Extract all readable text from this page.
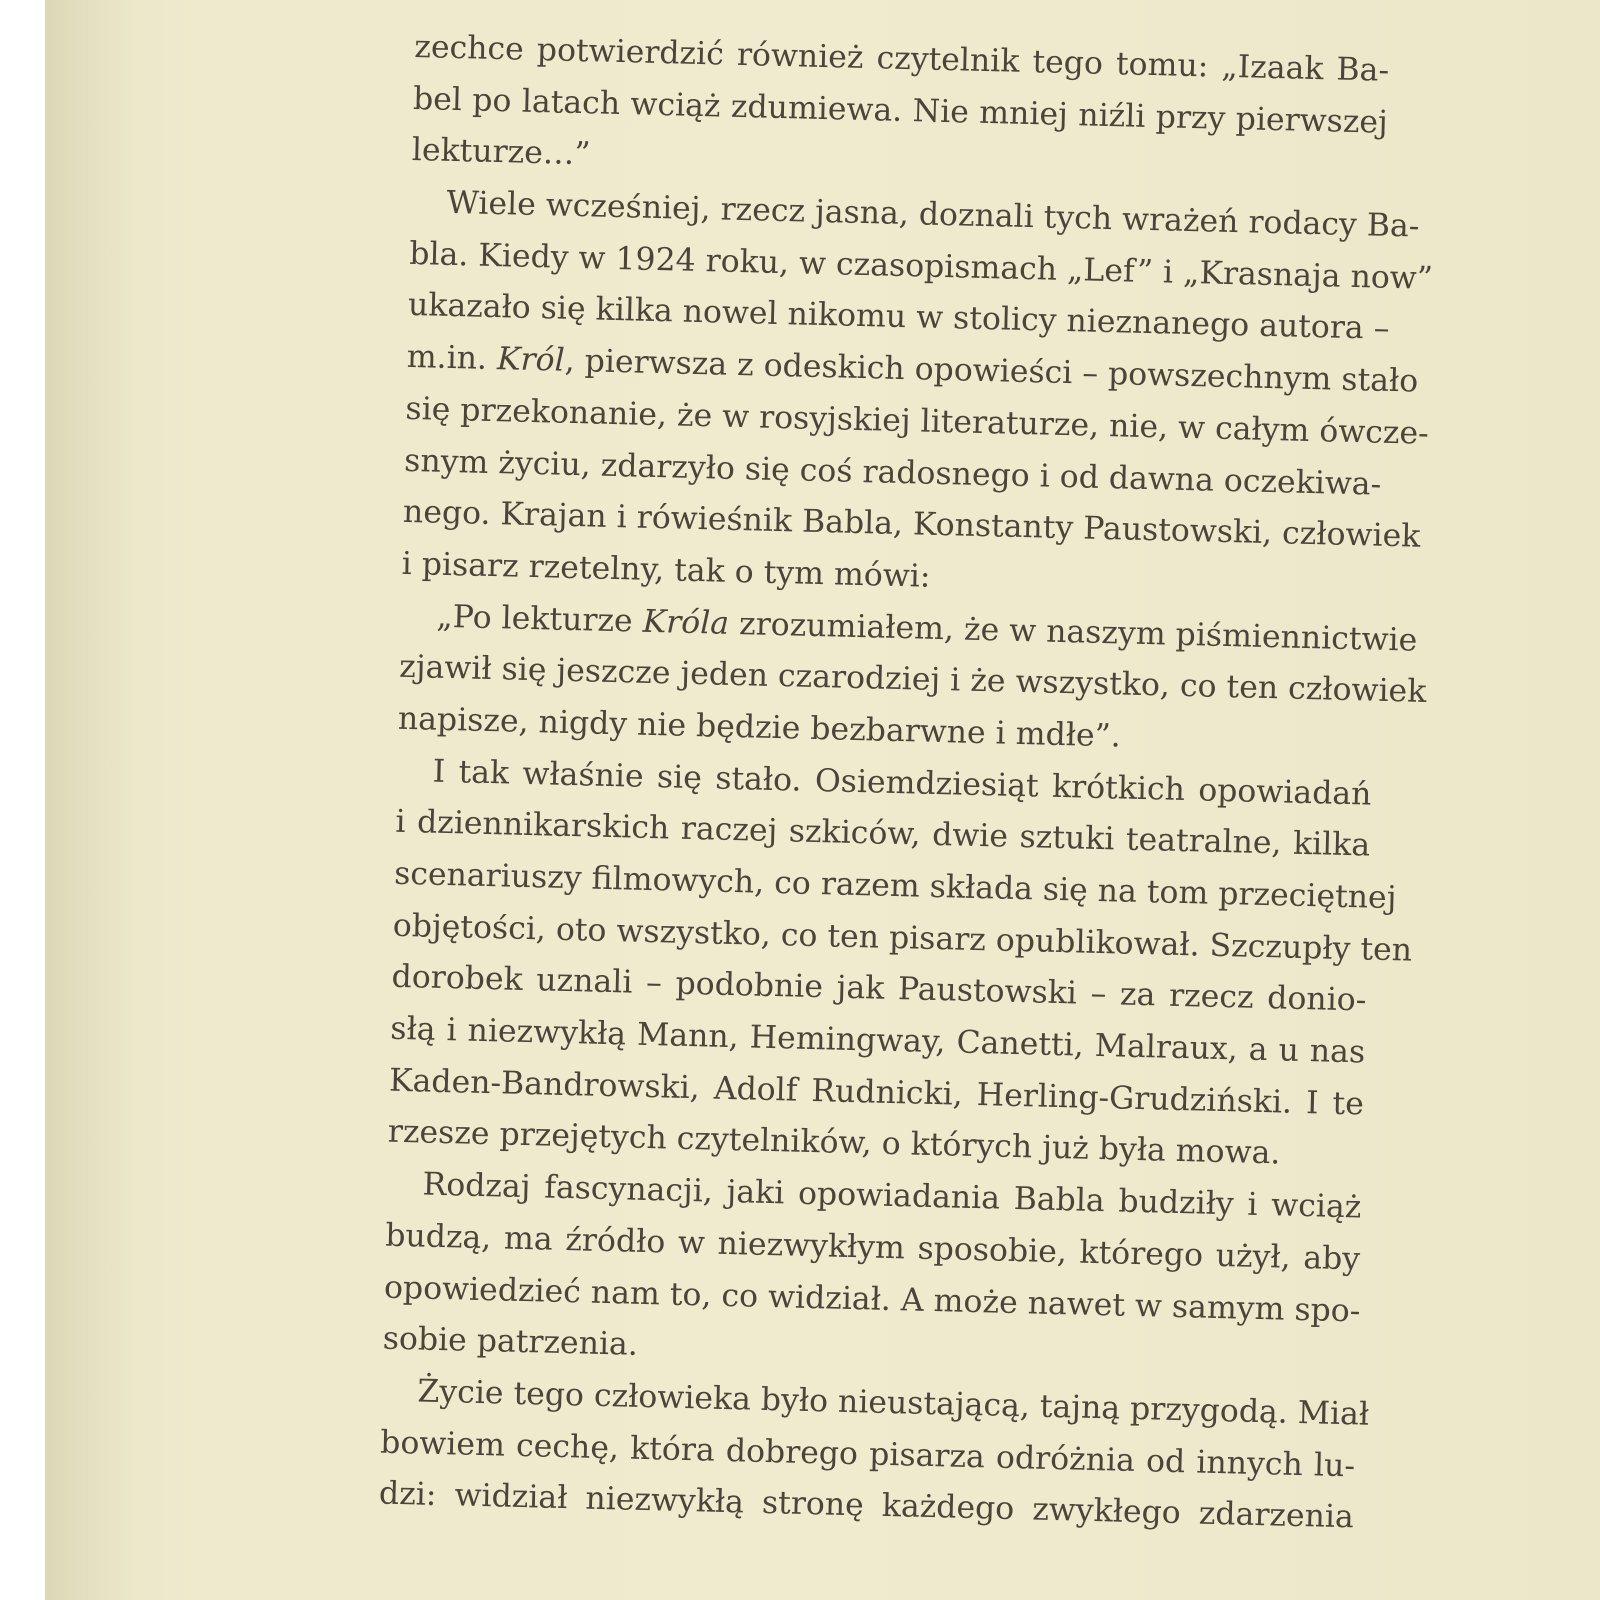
zechce potwierdzić również czytelnik tego tomu: „Izaak Ba-
bel po latach wciąż zdumiewa. Nie mniej niźli przy pierwszej
lekturze…”
Wiele wcześniej, rzecz jasna, doznali tych wrażeń rodacy Ba-
bla. Kiedy w 1924 roku, w czasopismach „Lef” i „Krasnaja now”
ukazało się kilka nowel nikomu w stolicy nieznanego autora –
m.in. Król, pierwsza z odeskich opowieści – powszechnym stało
się przekonanie, że w rosyjskiej literaturze, nie, w całym ówcze-
snym życiu, zdarzyło się coś radosnego i od dawna oczekiwa-
nego. Krajan i rówieśnik Babla, Konstanty Paustowski, człowiek
i pisarz rzetelny, tak o tym mówi:
„Po lekturze Króla zrozumiałem, że w naszym piśmiennictwie
zjawił się jeszcze jeden czarodziej i że wszystko, co ten człowiek
napisze, nigdy nie będzie bezbarwne i mdłe”.
I tak właśnie się stało. Osiemdziesiąt krótkich opowiadań
i dziennikarskich raczej szkiców, dwie sztuki teatralne, kilka
scenariuszy filmowych, co razem składa się na tom przeciętnej
objętości, oto wszystko, co ten pisarz opublikował. Szczupły ten
dorobek uznali – podobnie jak Paustowski – za rzecz donio-
słą i niezwykłą Mann, Hemingway, Canetti, Malraux, a u nas
Kaden-Bandrowski, Adolf Rudnicki, Herling-Grudziński. I te
rzesze przejętych czytelników, o których już była mowa.
Rodzaj fascynacji, jaki opowiadania Babla budziły i wciąż
budzą, ma źródło w niezwykłym sposobie, którego użył, aby
opowiedzieć nam to, co widział. A może nawet w samym spo-
sobie patrzenia.
Życie tego człowieka było nieustającą, tajną przygodą. Miał
bowiem cechę, która dobrego pisarza odróżnia od innych lu-
dzi: widział niezwykłą stronę każdego zwykłego zdarzenia
